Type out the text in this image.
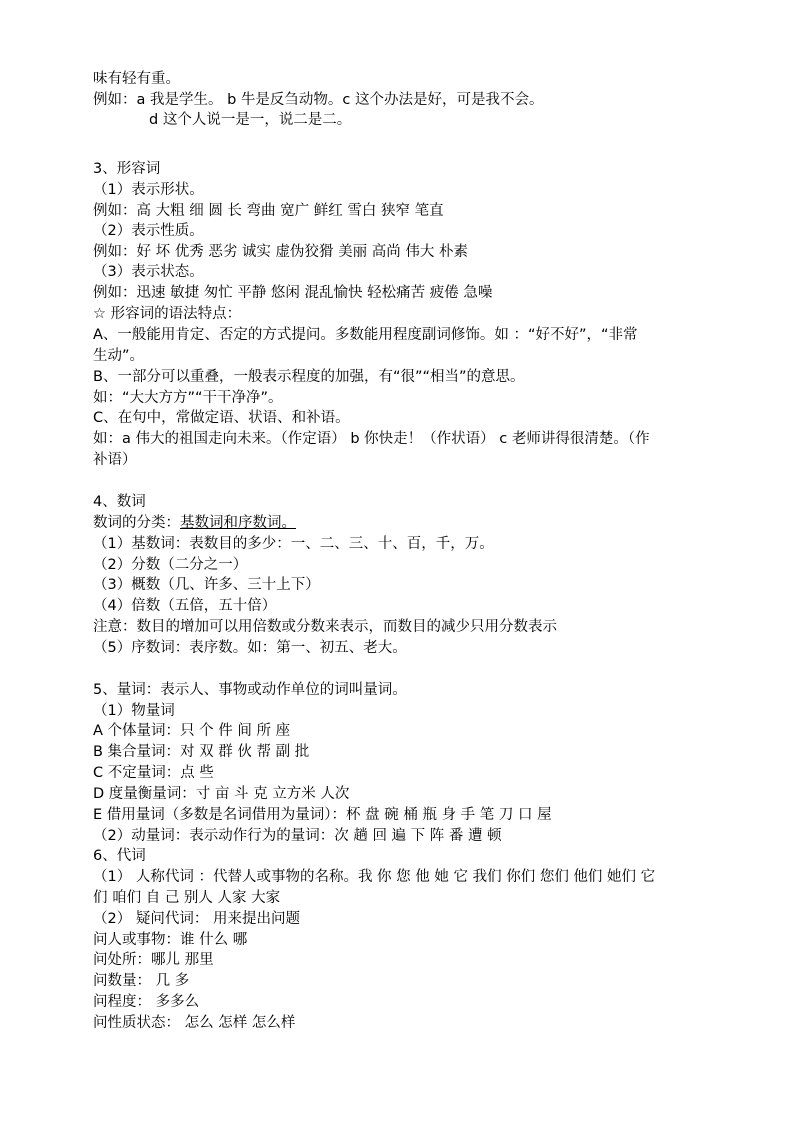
味有轻有重。
例如：a 我是学生。 b 牛是反刍动物。c 这个办法是好，可是我不会。
d 这个人说一是一，说二是二。
3、形容词
（1）表示形状。
例如：高 大粗 细 圆 长 弯曲 宽广 鲜红 雪白 狭窄 笔直
（2）表示性质。
例如：好 坏 优秀 恶劣 诚实 虚伪狡猾 美丽 高尚 伟大 朴素
（3）表示状态。
例如：迅速 敏捷 匆忙 平静 悠闲 混乱愉快 轻松痛苦 疲倦 急噪
☆ 形容词的语法特点：
A、一般能用肯定、否定的方式提问。多数能用程度副词修饰。如 ：“好不好”，“非常
生动”。
B、一部分可以重叠，一般表示程度的加强，有“很”“相当”的意思。
如：“大大方方”“干干净净”。
C、在句中，常做定语、状语、和补语。
如：a 伟大的祖国走向未来。（作定语） b 你快走！（作状语） c 老师讲得很清楚。（作
补语）
4、数词
数词的分类：基数词和序数词。
（1）基数词：表数目的多少：一、二、三、十、百，千，万。
（2）分数（二分之一）
（3）概数（几、许多、三十上下）
（4）倍数（五倍，五十倍）
注意：数目的增加可以用倍数或分数来表示，而数目的减少只用分数表示
（5）序数词：表序数。如：第一、初五、老大。
5、量词：表示人、事物或动作单位的词叫量词。
（1）物量词
A 个体量词：只 个 件 间 所 座
B 集合量词：对 双 群 伙 帮 副 批
C 不定量词：点 些
D 度量衡量词：寸 亩 斗 克 立方米 人次
E 借用量词（多数是名词借用为量词）：杯 盘 碗 桶 瓶 身 手 笔 刀 口 屋
（2）动量词：表示动作行为的量词：次 趟 回 遍 下 阵 番 遭 顿
6、代词
（1） 人称代词 ：代替人或事物的名称。我 你 您 他 她 它 我们 你们 您们 他们 她们 它
们 咱们 自 己 别人 人家 大家
（2） 疑问代词： 用来提出问题
问人或事物：谁 什么 哪
问处所：哪儿 那里
问数量： 几 多
问程度： 多多么
问性质状态： 怎么 怎样 怎么样
